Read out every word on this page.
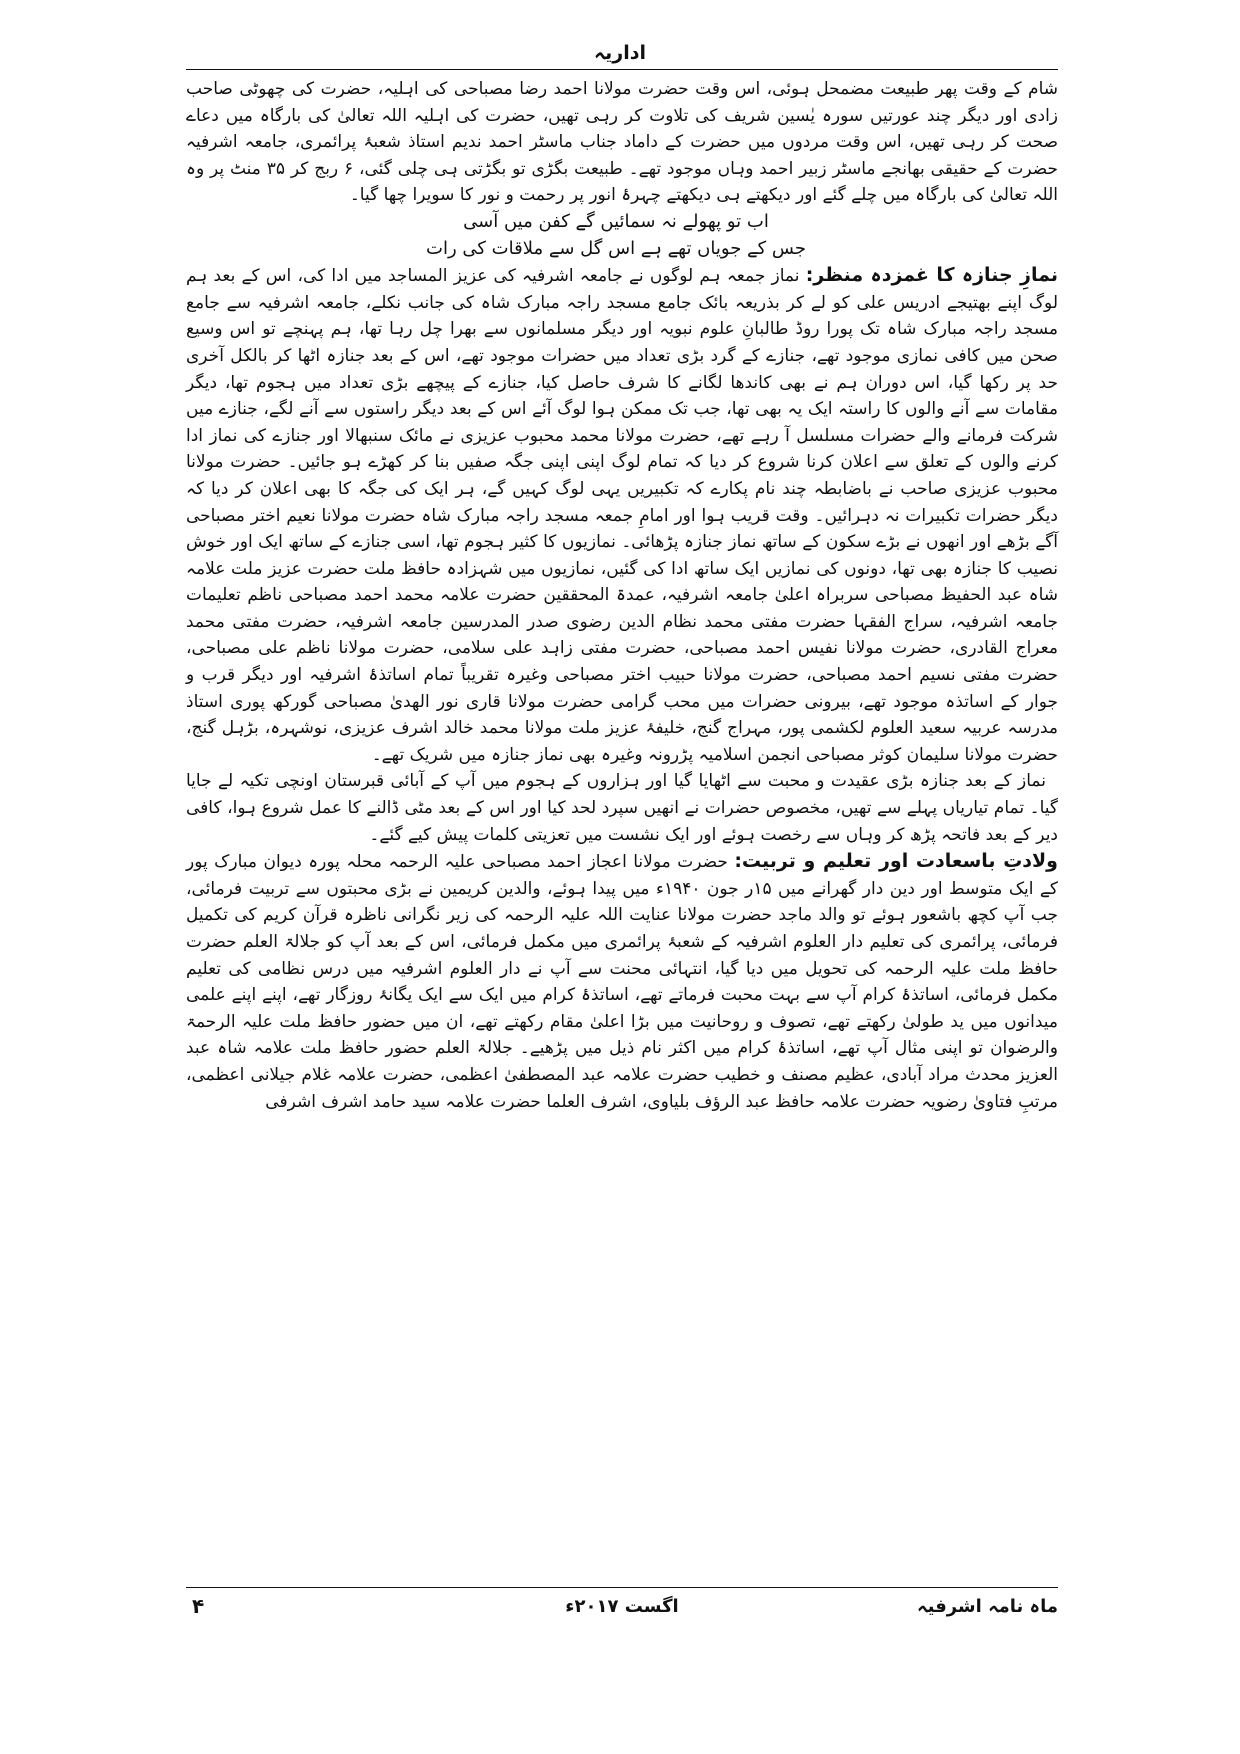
اداریہ

شام کے وقت پھر طبیعت مضمحل ہوئی، اس وقت حضرت مولانا احمد رضا مصباحی کی اہلیہ، حضرت کی چھوٹی صاحب زادی اور دیگر چند عورتیں سورہ یٰسین شریف کی تلاوت کر رہی تھیں، حضرت کی اہلیہ اللہ تعالیٰ کی بارگاہ میں دعاے صحت کر رہی تھیں، اس وقت مردوں میں حضرت کے داماد جناب ماسٹر احمد ندیم استاذ شعبۂ پرائمری، جامعہ اشرفیہ حضرت کے حقیقی بھانجے ماسٹر زبیر احمد وہاں موجود تھے۔ طبیعت بگڑی تو بگڑتی ہی چلی گئی، ۶ ربج کر ۳۵ منٹ پر وہ اللہ تعالیٰ کی بارگاہ میں چلے گئے اور دیکھتے ہی دیکھتے چہرۂ انور پر رحمت و نور کا سویرا چھا گیا۔

اب تو پھولے نہ سمائیں گے کفن میں آسی

جس کے جویاں تھے ہے اس گل سے ملاقات کی رات

نمازِ جنازہ کا غمزدہ منظر: نماز جمعہ ہم لوگوں نے جامعہ اشرفیہ کی عزیز المساجد میں ادا کی، اس کے بعد ہم لوگ اپنے بھتیجے ادریس علی کو لے کر بذریعہ بائک جامع مسجد راجہ مبارک شاہ کی جانب نکلے، جامعہ اشرفیہ سے جامع مسجد راجہ مبارک شاہ تک پورا روڈ طالبانِ علوم نبویہ اور دیگر مسلمانوں سے بھرا چل رہا تھا، ہم پہنچے تو اس وسیع صحن میں کافی نمازی موجود تھے، جنازے کے گرد بڑی تعداد میں حضرات موجود تھے، اس کے بعد جنازہ اٹھا کر بالکل آخری حد پر رکھا گیا، اس دوران ہم نے بھی کاندھا لگانے کا شرف حاصل کیا، جنازے کے پیچھے بڑی تعداد میں ہجوم تھا، دیگر مقامات سے آنے والوں کا راستہ ایک یہ بھی تھا، جب تک ممکن ہوا لوگ آئے اس کے بعد دیگر راستوں سے آنے لگے، جنازے میں شرکت فرمانے والے حضرات مسلسل آ رہے تھے، حضرت مولانا محمد محبوب عزیزی نے مائک سنبھالا اور جنازے کی نماز ادا کرنے والوں کے تعلق سے اعلان کرنا شروع کر دیا کہ تمام لوگ اپنی اپنی جگہ صفیں بنا کر کھڑے ہو جائیں۔ حضرت مولانا محبوب عزیزی صاحب نے باضابطہ چند نام پکارے کہ تکبیریں یہی لوگ کہیں گے، ہر ایک کی جگہ کا بھی اعلان کر دیا کہ دیگر حضرات تکبیرات نہ دہرائیں۔ وقت قریب ہوا اور امامِ جمعہ مسجد راجہ مبارک شاہ حضرت مولانا نعیم اختر مصباحی آگے بڑھے اور انھوں نے بڑے سکون کے ساتھ نماز جنازہ پڑھائی۔ نمازیوں کا کثیر ہجوم تھا، اسی جنازے کے ساتھ ایک اور خوش نصیب کا جنازہ بھی تھا، دونوں کی نمازیں ایک ساتھ ادا کی گئیں، نمازیوں میں شہزادہ حافظ ملت حضرت عزیز ملت علامہ شاہ عبد الحفیظ مصباحی سربراہ اعلیٰ جامعہ اشرفیہ، عمدۃ المحققین حضرت علامہ محمد احمد مصباحی ناظم تعلیمات جامعہ اشرفیہ، سراج الفقہا حضرت مفتی محمد نظام الدین رضوی صدر المدرسین جامعہ اشرفیہ، حضرت مفتی محمد معراج القادری، حضرت مولانا نفیس احمد مصباحی، حضرت مفتی زاہد علی سلامی، حضرت مولانا ناظم علی مصباحی، حضرت مفتی نسیم احمد مصباحی، حضرت مولانا حبیب اختر مصباحی وغیرہ تقریباً تمام اساتذۂ اشرفیہ اور دیگر قرب و جوار کے اساتذہ موجود تھے، بیرونی حضرات میں محب گرامی حضرت مولانا قاری نور الھدیٰ مصباحی گورکھ پوری استاذ مدرسہ عربیہ سعید العلوم لکشمی پور، مہراج گنج، خلیفۂ عزیز ملت مولانا محمد خالد اشرف عزیزی، نوشہرہ، بڑہل گنج، حضرت مولانا سلیمان کوثر مصباحی انجمن اسلامیہ پڑرونہ وغیرہ بھی نماز جنازہ میں شریک تھے۔

نماز کے بعد جنازہ بڑی عقیدت و محبت سے اٹھایا گیا اور ہزاروں کے ہجوم میں آپ کے آبائی قبرستان اونچی تکیہ لے جایا گیا۔ تمام تیاریاں پہلے سے تھیں، مخصوص حضرات نے انھیں سپرد لحد کیا اور اس کے بعد مٹی ڈالنے کا عمل شروع ہوا، کافی دیر کے بعد فاتحہ پڑھ کر وہاں سے رخصت ہوئے اور ایک نشست میں تعزیتی کلمات پیش کیے گئے۔

ولادتِ باسعادت اور تعلیم و تربیت: حضرت مولانا اعجاز احمد مصباحی علیہ الرحمہ محلہ پورہ دیوان مبارک پور کے ایک متوسط اور دین دار گھرانے میں ۱۵ر جون ۱۹۴۰ء میں پیدا ہوئے، والدین کریمین نے بڑی محبتوں سے تربیت فرمائی، جب آپ کچھ باشعور ہوئے تو والد ماجد حضرت مولانا عنایت اللہ علیہ الرحمہ کی زیر نگرانی ناظرہ قرآن کریم کی تکمیل فرمائی، پرائمری کی تعلیم دار العلوم اشرفیہ کے شعبۂ پرائمری میں مکمل فرمائی، اس کے بعد آپ کو جلالۃ العلم حضرت حافظ ملت علیہ الرحمہ کی تحویل میں دیا گیا، انتہائی محنت سے آپ نے دار العلوم اشرفیہ میں درس نظامی کی تعلیم مکمل فرمائی، اساتذۂ کرام آپ سے بہت محبت فرماتے تھے، اساتذۂ کرام میں ایک سے ایک یگانۂ روزگار تھے، اپنے اپنے علمی میدانوں میں ید طولیٰ رکھتے تھے، تصوف و روحانیت میں بڑا اعلیٰ مقام رکھتے تھے، ان میں حضور حافظ ملت علیہ الرحمۃ والرضوان تو اپنی مثال آپ تھے، اساتذۂ کرام میں اکثر نام ذیل میں پڑھیے۔ جلالۃ العلم حضور حافظ ملت علامہ شاہ عبد العزیز محدث مراد آبادی، عظیم مصنف و خطیب حضرت علامہ عبد المصطفیٰ اعظمی، حضرت علامہ غلام جیلانی اعظمی، مرتبِ فتاویٰ رضویہ حضرت علامہ حافظ عبد الرؤف بلیاوی، اشرف العلما حضرت علامہ سید حامد اشرف اشرفی

ماہ نامہ اشرفیہ
اگست ۲۰۱۷ء
۴
